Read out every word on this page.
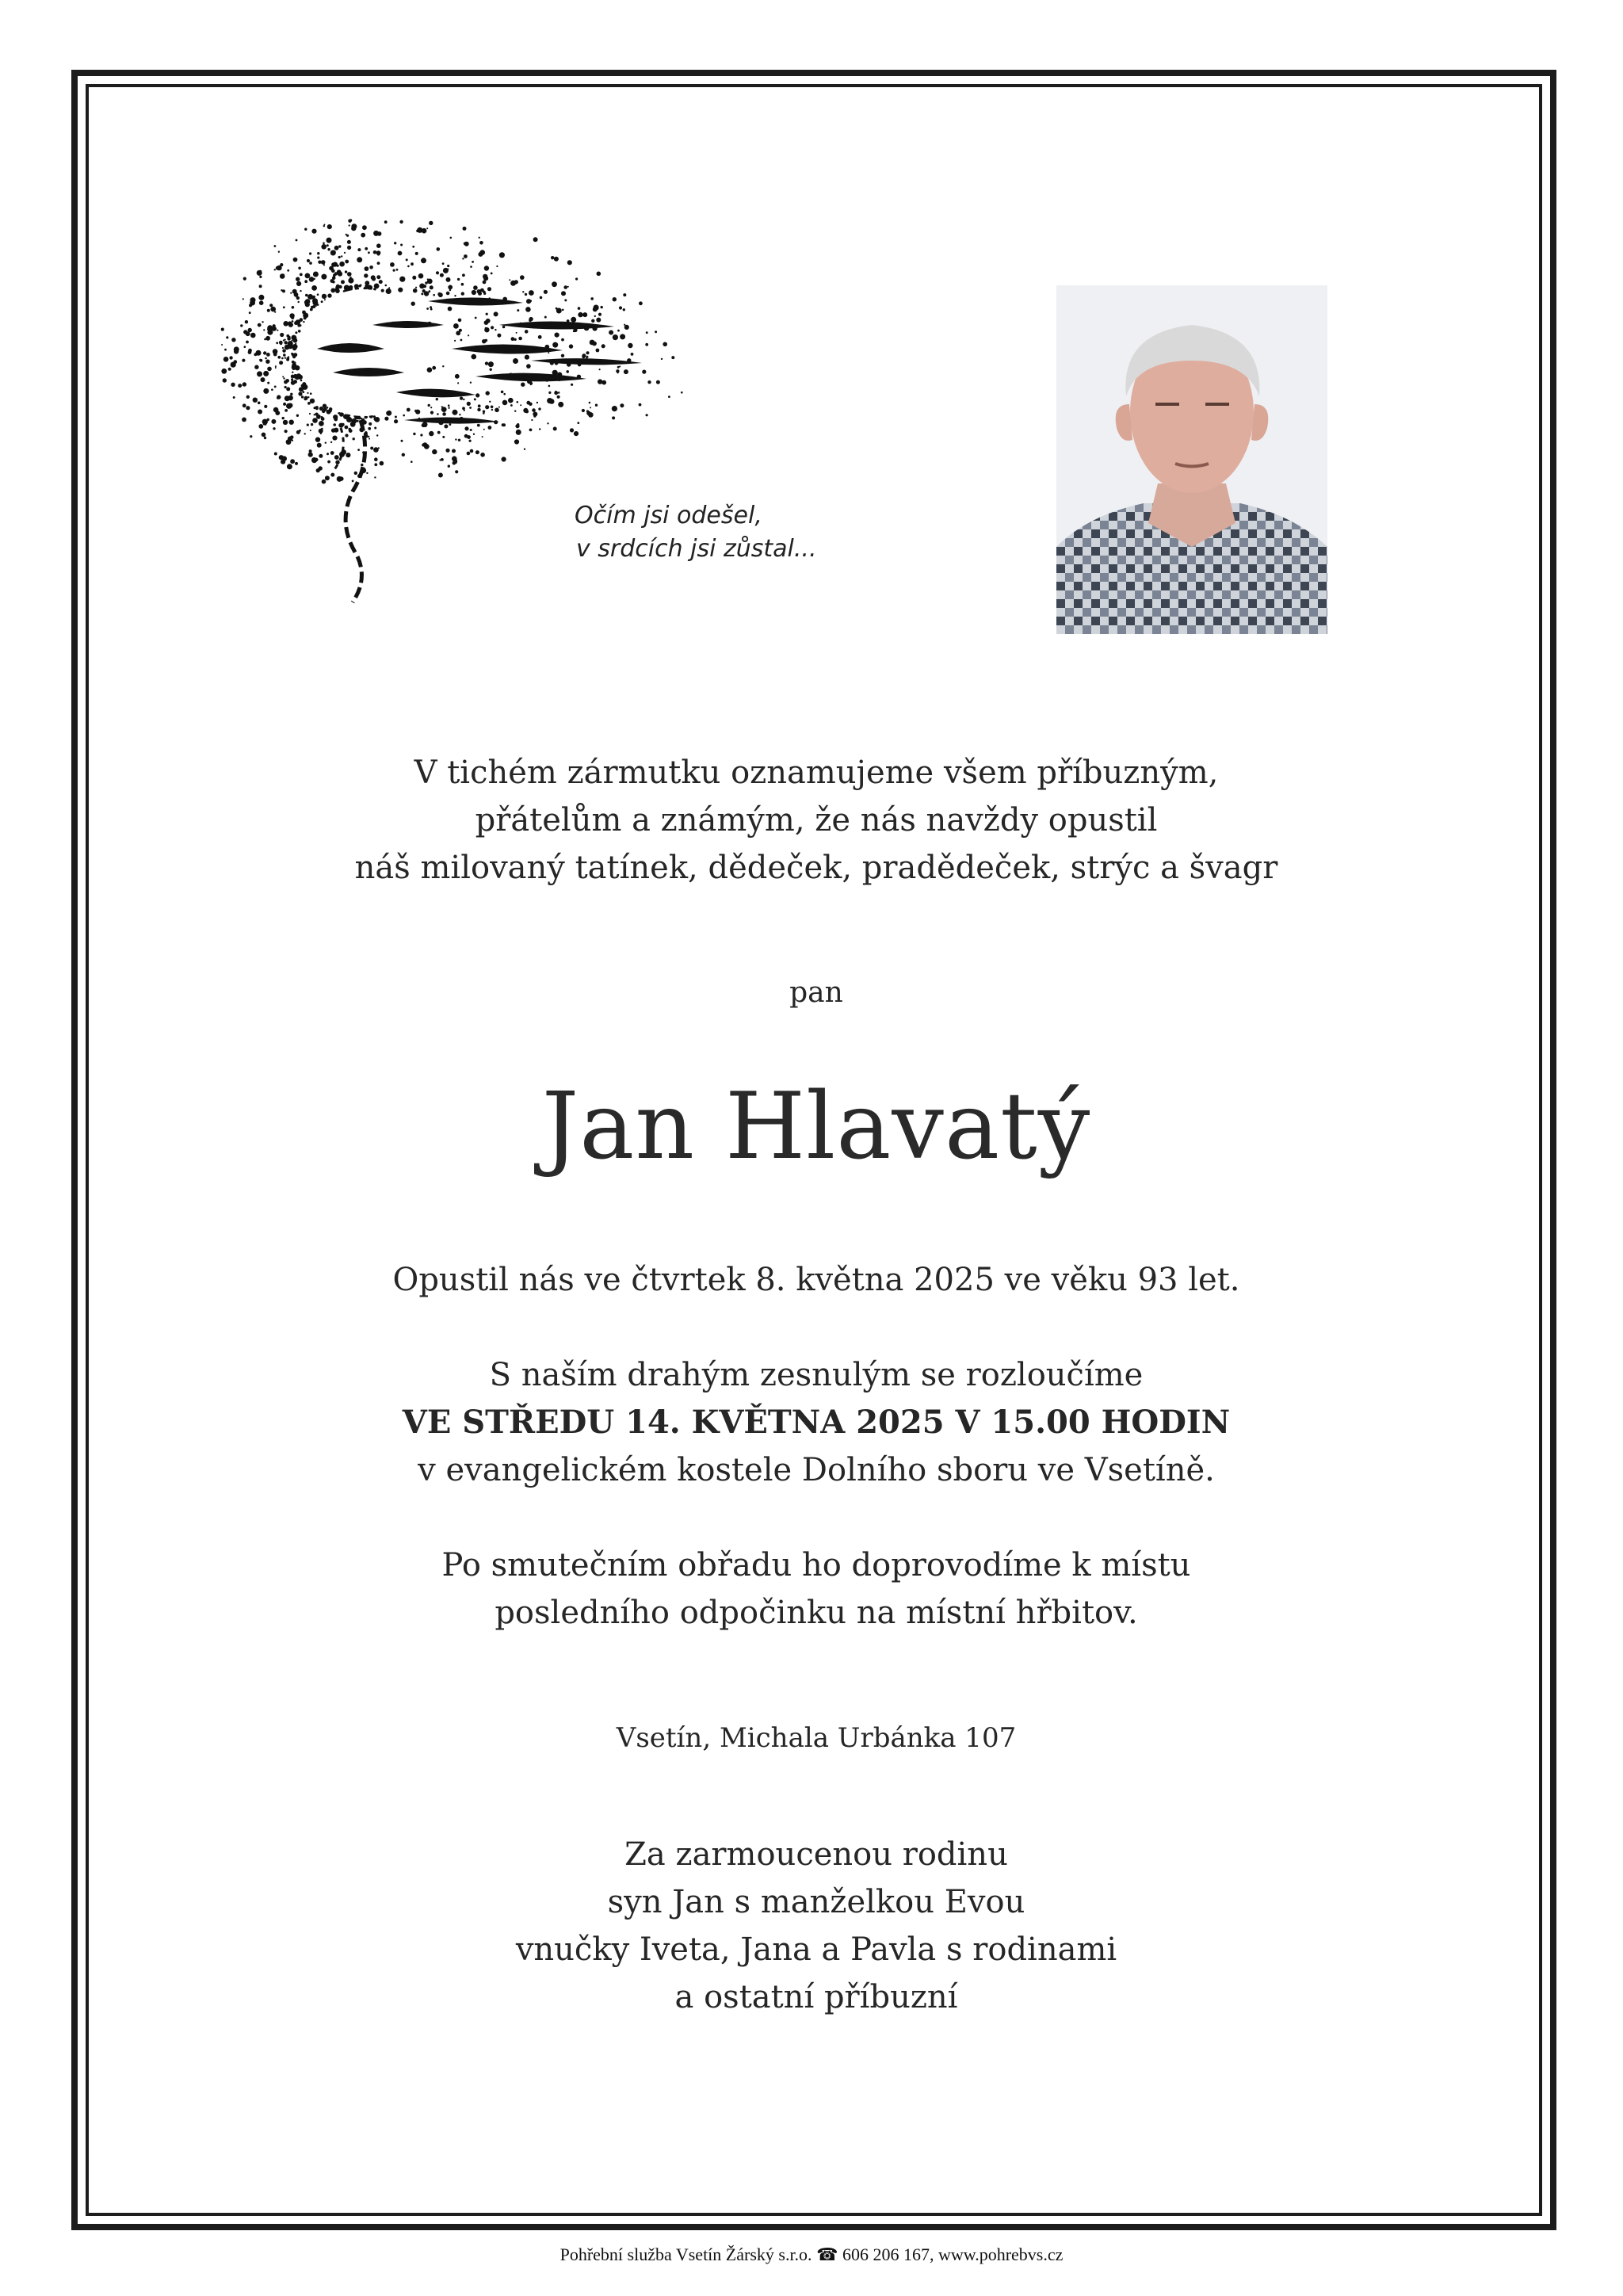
Očím jsi odešel,
v srdcích jsi zůstal...
V tichém zármutku oznamujeme všem příbuzným,
přátelům a známým, že nás navždy opustil
náš milovaný tatínek, dědeček, pradědeček, strýc a švagr
pan
Jan Hlavatý
Opustil nás ve čtvrtek 8. května 2025 ve věku 93 let.
S naším drahým zesnulým se rozloučíme
VE STŘEDU 14. KVĚTNA 2025 V 15.00 HODIN
v evangelickém kostele Dolního sboru ve Vsetíně.
Po smutečním obřadu ho doprovodíme k místu
posledního odpočinku na místní hřbitov.
Vsetín, Michala Urbánka 107
Za zarmoucenou rodinu
syn Jan s manželkou Evou
vnučky Iveta, Jana a Pavla s rodinami
a ostatní příbuzní
Pohřební služba Vsetín Žárský s.r.o. ☎ 606 206 167, www.pohrebvs.cz
